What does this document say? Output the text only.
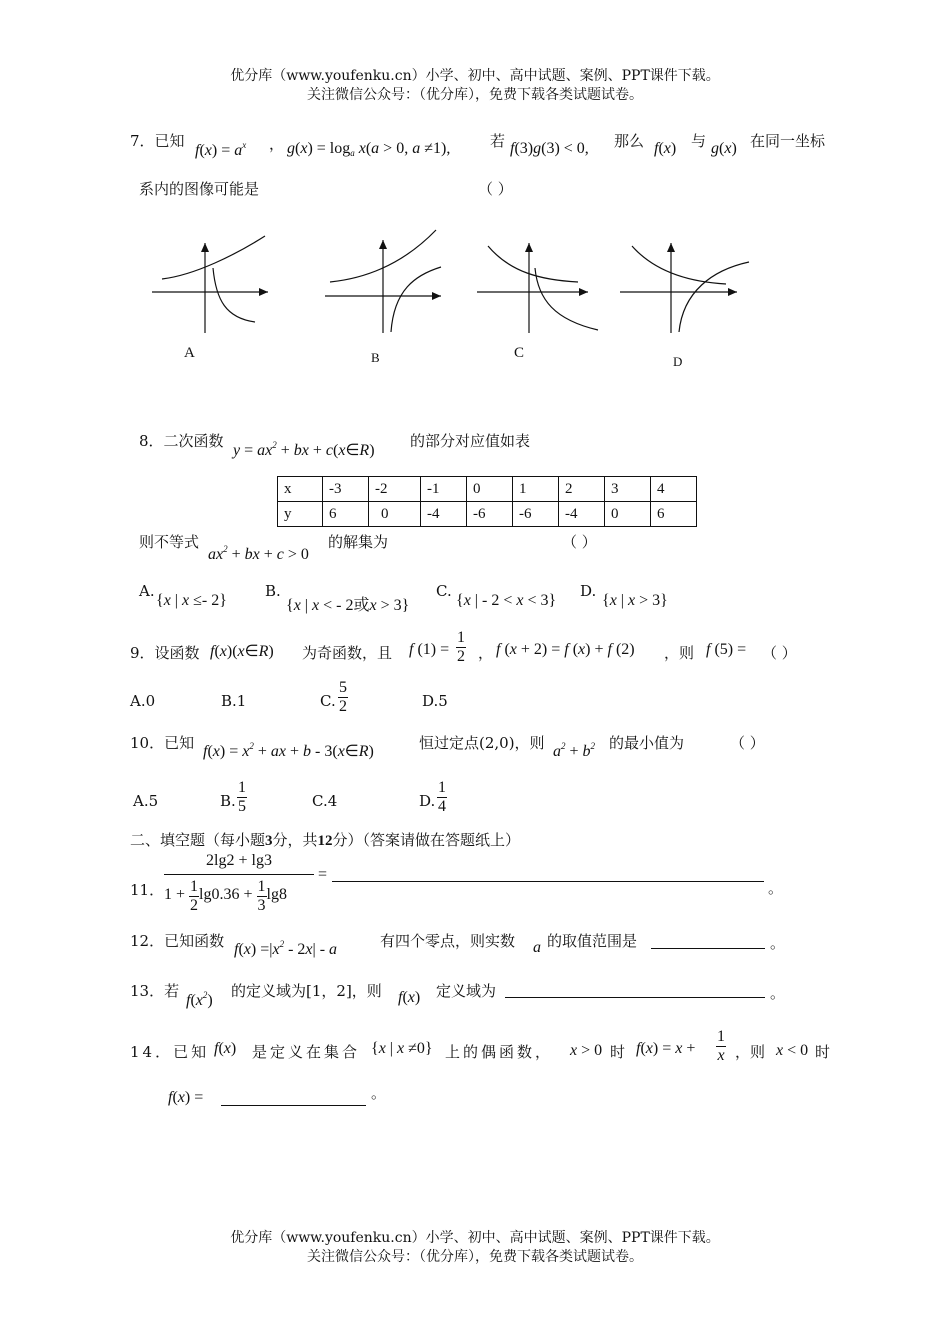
优分库（www.youfenku.cn）小学、初中、高中试题、案例、PPT课件下载。
关注微信公众号：（优分库），免费下载各类试题试卷。
7．已知
$f(x) = a^x$ ， $g(x) = \log_a x(a > 0$, a ≠1),	若 f(3)g(3) < 0, 那么 f(x) 与 g(x) 在同一坐标
系内的图像可能是	（ ）
A	B	C
D
8．二次函数
$y = ax^2$ + bx + c(x∈R)
的部分对应值如表
x	-3	-2	-1	0	1	2	3	4
y	6	0	-4	-6	-6	-4	0	6
则不等式
$ax^2$ + bx + c > 0
的解集为	（ ）
A.
{x | x ≤- 2}
B.
{x | x < - 2或x > 3}
C.
{x | - 2 < x < 3}
D.
{x | x > 3}
9．设函数 f(x)(x∈R) 为奇函数，且 f $(1) = \frac{1}{2}$ ， f (x + 2) = f (x) + f (2) ，则 f (5) = （ ）
A.0	B.1	C. $\frac{5}{2}$	D.5
10．已知 $f(x) = x^2$ + ax + b - 3(x∈R)	恒过定点(2,0)，则 $a^2 + b^2$ 的最小值为	（ ）
A.5	B. $\frac{1}{5}$	C.4	D. $\frac{1}{4}$
二、填空题（每小题3分，共12分）（答案请做在答题纸上）
11．
2lg2 + lg3
$1 + \frac{1}{2} \lg 0.36 + \frac{1}{3} \lg 8$
=
。
12．已知函数 $f(x) =|x^2 - 2x| - a$	有四个零点，则实数 a 的取值范围是	。
13．若
$f(x^2)$
的定义域为[1，2]，则 f(x) 定义域为	。
14．已知 f(x) 是定义在集合 {x | x ≠0} 上的偶函数， x > 0 时 $f(x) = x + \frac{1}{x}$ ，则 x < 0 时
f(x) =	。
优分库（www.youfenku.cn）小学、初中、高中试题、案例、PPT课件下载。
关注微信公众号：（优分库），免费下载各类试题试卷。
